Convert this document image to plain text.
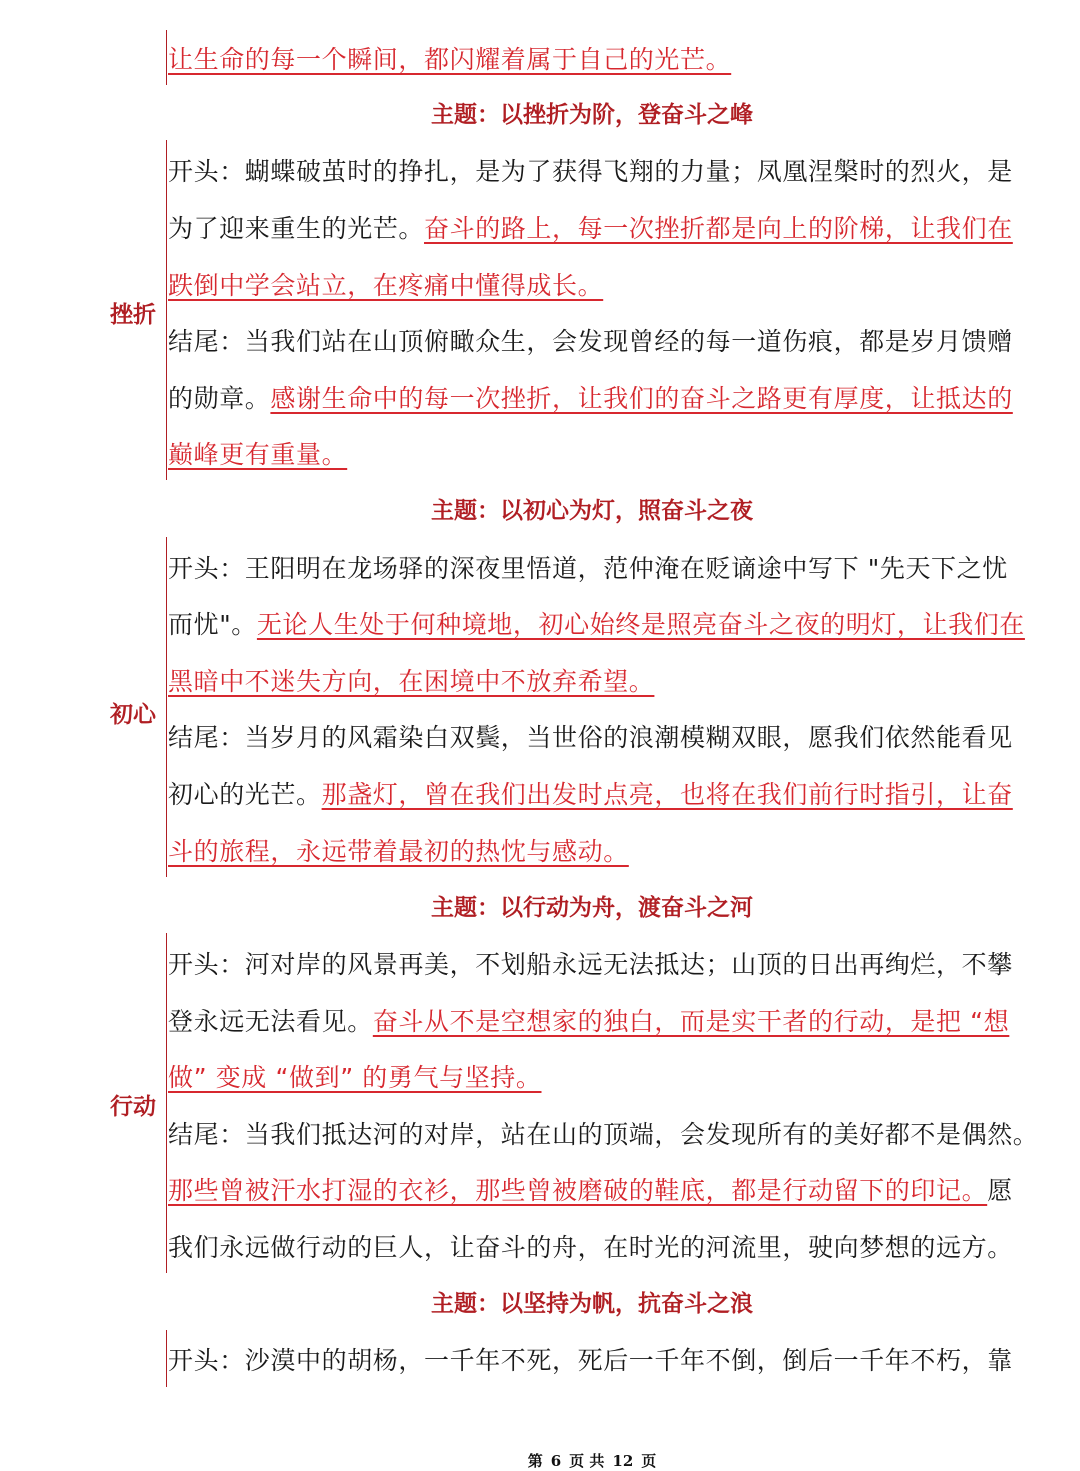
让生命的每一个瞬间，都闪耀着属于自己的光芒。
主题：以挫折为阶，登奋斗之峰
挫折
开头：蝴蝶破茧时的挣扎，是为了获得飞翔的力量；凤凰涅槃时的烈火，是
为了迎来重生的光芒。奋斗的路上，每一次挫折都是向上的阶梯，让我们在
跌倒中学会站立，在疼痛中懂得成长。
结尾：当我们站在山顶俯瞰众生，会发现曾经的每一道伤痕，都是岁月馈赠
的勋章。感谢生命中的每一次挫折，让我们的奋斗之路更有厚度，让抵达的
巅峰更有重量。
主题：以初心为灯，照奋斗之夜
初心
开头：王阳明在龙场驿的深夜里悟道，范仲淹在贬谪途中写下 "先天下之忧
而忧"。无论人生处于何种境地，初心始终是照亮奋斗之夜的明灯，让我们在
黑暗中不迷失方向，在困境中不放弃希望。
结尾：当岁月的风霜染白双鬓，当世俗的浪潮模糊双眼，愿我们依然能看见
初心的光芒。那盏灯，曾在我们出发时点亮，也将在我们前行时指引，让奋
斗的旅程，永远带着最初的热忱与感动。
主题：以行动为舟，渡奋斗之河
行动
开头：河对岸的风景再美，不划船永远无法抵达；山顶的日出再绚烂，不攀
登永远无法看见。奋斗从不是空想家的独白，而是实干者的行动，是把 “想
做” 变成 “做到” 的勇气与坚持。
结尾：当我们抵达河的对岸，站在山的顶端，会发现所有的美好都不是偶然。
那些曾被汗水打湿的衣衫，那些曾被磨破的鞋底，都是行动留下的印记。愿
我们永远做行动的巨人，让奋斗的舟，在时光的河流里，驶向梦想的远方。
主题：以坚持为帆，抗奋斗之浪
开头：沙漠中的胡杨，一千年不死，死后一千年不倒，倒后一千年不朽，靠
第 6 页 共 12 页
